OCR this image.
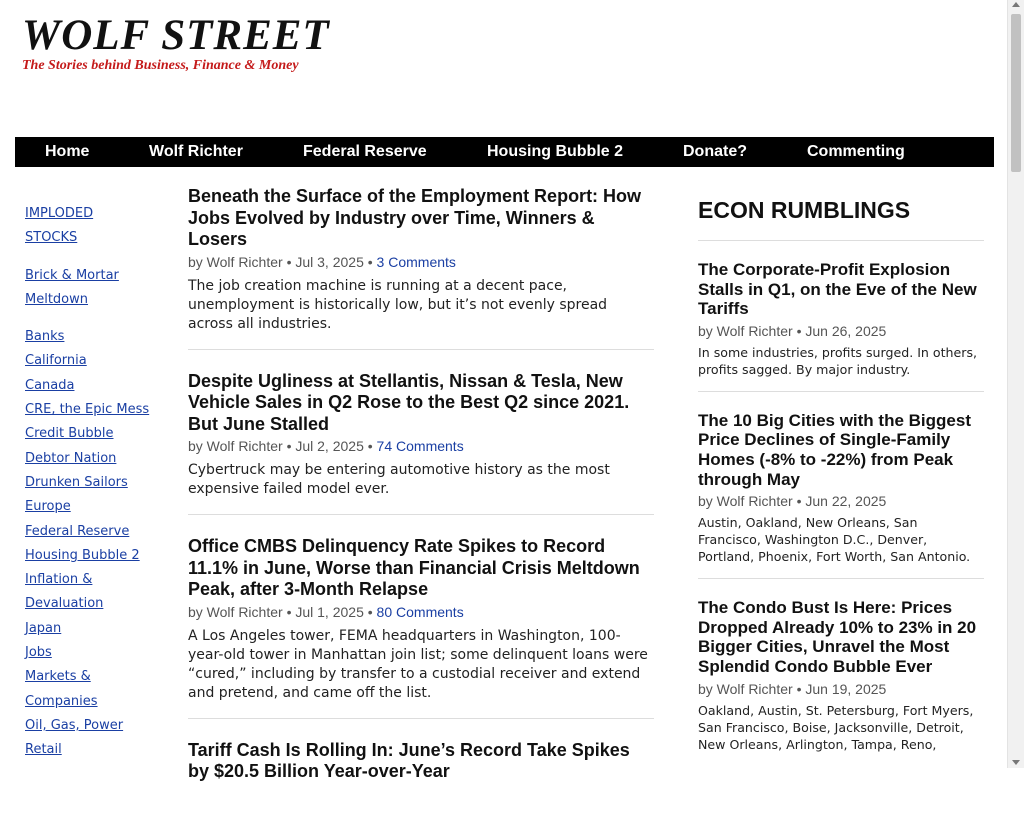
WOLF STREET
The Stories behind Business, Finance & Money
Home	Wolf Richter	Federal Reserve	Housing Bubble 2	Donate?	Commenting
IMPLODED
STOCKS
Brick & Mortar
Meltdown
Banks
California
Canada
CRE, the Epic Mess
Credit Bubble
Debtor Nation
Drunken Sailors
Europe
Federal Reserve
Housing Bubble 2
Inflation &
Devaluation
Japan
Jobs
Markets &
Companies
Oil, Gas, Power
Retail
Beneath the Surface of the Employment Report: How Jobs Evolved by Industry over Time, Winners & Losers
by Wolf Richter • Jul 3, 2025 • 3 Comments
The job creation machine is running at a decent pace, unemployment is historically low, but it’s not evenly spread across all industries.
Despite Ugliness at Stellantis, Nissan & Tesla, New Vehicle Sales in Q2 Rose to the Best Q2 since 2021. But June Stalled
by Wolf Richter • Jul 2, 2025 • 74 Comments
Cybertruck may be entering automotive history as the most expensive failed model ever.
Office CMBS Delinquency Rate Spikes to Record 11.1% in June, Worse than Financial Crisis Meltdown Peak, after 3-Month Relapse
by Wolf Richter • Jul 1, 2025 • 80 Comments
A Los Angeles tower, FEMA headquarters in Washington, 100-year-old tower in Manhattan join list; some delinquent loans were “cured,” including by transfer to a custodial receiver and extend and pretend, and came off the list.
Tariff Cash Is Rolling In: June’s Record Take Spikes by $20.5 Billion Year-over-Year
ECON RUMBLINGS
The Corporate-Profit Explosion Stalls in Q1, on the Eve of the New Tariffs
by Wolf Richter • Jun 26, 2025
In some industries, profits surged. In others, profits sagged. By major industry.
The 10 Big Cities with the Biggest Price Declines of Single-Family Homes (-8% to -22%) from Peak through May
by Wolf Richter • Jun 22, 2025
Austin, Oakland, New Orleans, San Francisco, Washington D.C., Denver, Portland, Phoenix, Fort Worth, San Antonio.
The Condo Bust Is Here: Prices Dropped Already 10% to 23% in 20 Bigger Cities, Unravel the Most Splendid Condo Bubble Ever
by Wolf Richter • Jun 19, 2025
Oakland, Austin, St. Petersburg, Fort Myers, San Francisco, Boise, Jacksonville, Detroit, New Orleans, Arlington, Tampa, Reno,
